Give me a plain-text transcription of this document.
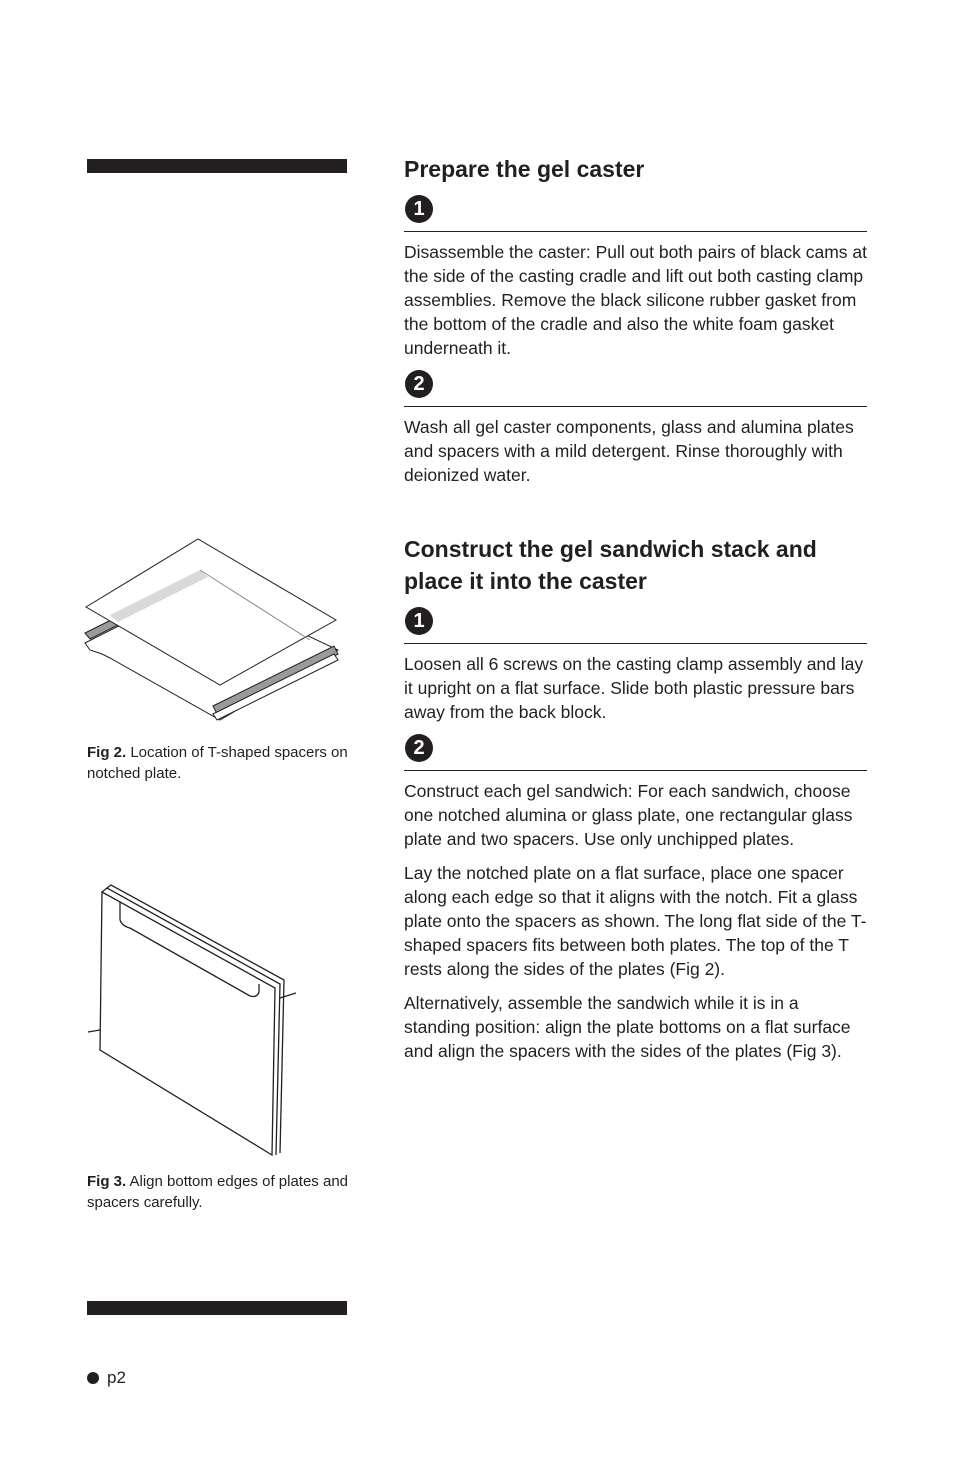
Fig 2. Location of T-shaped spacers on notched plate.
Fig 3. Align bottom edges of plates and spacers carefully.
Prepare the gel caster
1

Disassemble the caster: Pull out both pairs of black cams at the side of the casting cradle and lift out both casting clamp assemblies. Remove the black silicone rubber gasket from the bottom of the cradle and also the white foam gasket underneath it.

2

Wash all gel caster components, glass and alumina plates and spacers with a mild detergent. Rinse thoroughly with deionized water.

Construct the gel sandwich stack and place it into the caster
1

Loosen all 6 screws on the casting clamp assembly and lay it upright on a flat surface. Slide both plastic pressure bars away from the back block.

2

Construct each gel sandwich: For each sandwich, choose one notched alumina or glass plate, one rectangular glass plate and two spacers. Use only unchipped plates.

Lay the notched plate on a flat surface, place one spacer along each edge so that it aligns with the notch. Fit a glass plate onto the spacers as shown. The long flat side of the T-shaped spacers fits between both plates. The top of the T rests along the sides of the plates (Fig 2).

Alternatively, assemble the sandwich while it is in a standing position: align the plate bottoms on a flat surface and align the spacers with the sides of the plates (Fig 3).

p2
